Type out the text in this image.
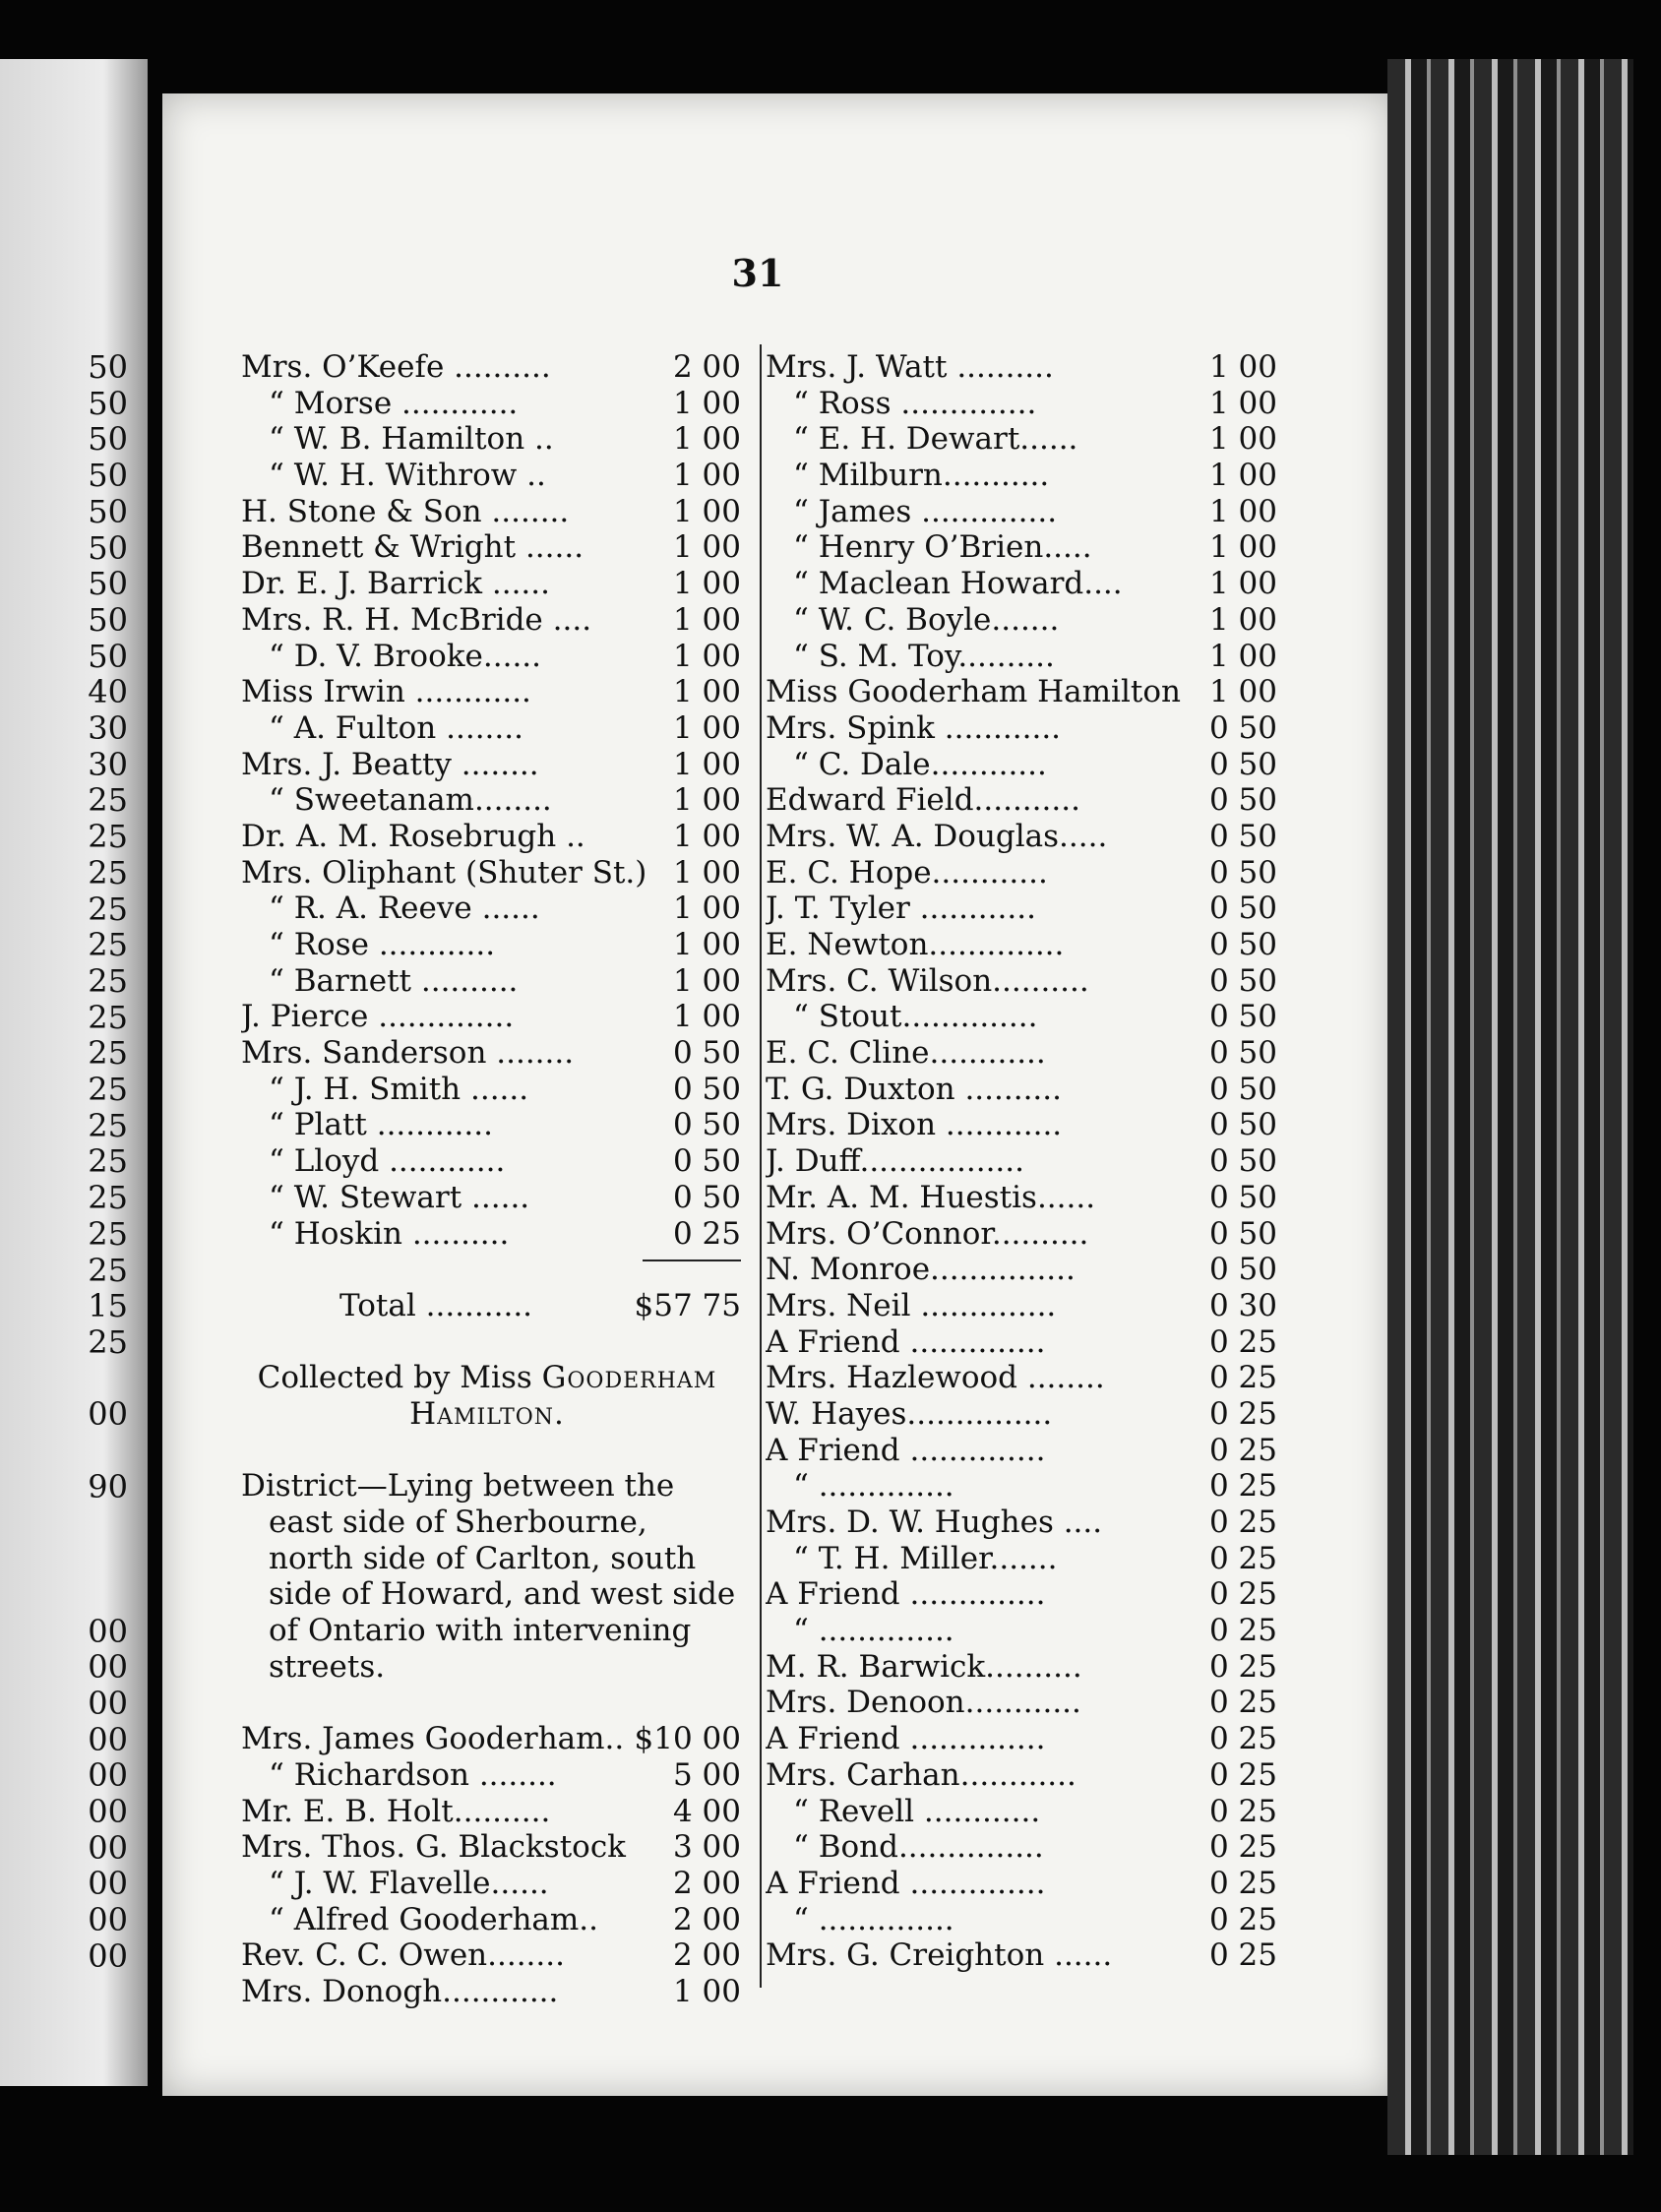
50
50
50
50
50
50
50
50
50
40
30
30
25
25
25
25
25
25
25
25
25
25
25
25
25
25
15
25
00
90
00
00
00
00
00
00
00
00
00
00
31
Mrs. O’Keefe ..........	2 00
“ Morse ............	1 00
“ W. B. Hamilton ..	1 00
“ W. H. Withrow ..	1 00
H. Stone & Son ........	1 00
Bennett & Wright ......	1 00
Dr. E. J. Barrick ......	1 00
Mrs. R. H. McBride ....	1 00
“ D. V. Brooke......	1 00
Miss Irwin ............	1 00
“ A. Fulton ........	1 00
Mrs. J. Beatty ........	1 00
“ Sweetanam........	1 00
Dr. A. M. Rosebrugh ..	1 00
Mrs. Oliphant (Shuter St.) 1 00
“ R. A. Reeve ......	1 00
“ Rose ............	1 00
“ Barnett ..........	1 00
J. Pierce ..............	1 00
Mrs. Sanderson ........	0 50
“ J. H. Smith ......	0 50
“ Platt ............	0 50
“ Lloyd ............	0 50
“ W. Stewart ......	0 50
“ Hoskin ..........	0 25
Total ...........	$57 75
Collected by Miss Gooderham
Hamilton.
District—Lying between the east side of Sherbourne, north side of Carlton, south side of Howard, and west side of Ontario with intervening streets.
Mrs. James Gooderham.. $10 00
“ Richardson ........	5 00
Mr. E. B. Holt..........	4 00
Mrs. Thos. G. Blackstock	3 00
“ J. W. Flavelle......	2 00
“ Alfred Gooderham..	2 00
Rev. C. C. Owen........	2 00
Mrs. Donogh............	1 00
Mrs. J. Watt ..........	1 00
“ Ross ..............	1 00
“ E. H. Dewart......	1 00
“ Milburn...........	1 00
“ James ..............	1 00
“ Henry O’Brien.....	1 00
“ Maclean Howard....	1 00
“ W. C. Boyle.......	1 00
“ S. M. Toy..........	1 00
Miss Gooderham Hamilton 1 00
Mrs. Spink ............	0 50
“ C. Dale............	0 50
Edward Field...........	0 50
Mrs. W. A. Douglas.....	0 50
E. C. Hope............	0 50
J. T. Tyler ............	0 50
E. Newton..............	0 50
Mrs. C. Wilson..........	0 50
“ Stout..............	0 50
E. C. Cline............	0 50
T. G. Duxton ..........	0 50
Mrs. Dixon ............	0 50
J. Duff.................	0 50
Mr. A. M. Huestis......	0 50
Mrs. O’Connor..........	0 50
N. Monroe...............	0 50
Mrs. Neil ..............	0 30
A Friend ..............	0 25
Mrs. Hazlewood ........	0 25
W. Hayes...............	0 25
A Friend ..............	0 25
“ ..............	0 25
Mrs. D. W. Hughes ....	0 25
“ T. H. Miller.......	0 25
A Friend ..............	0 25
“ ..............	0 25
M. R. Barwick..........	0 25
Mrs. Denoon............	0 25
A Friend ..............	0 25
Mrs. Carhan............	0 25
“ Revell ............	0 25
“ Bond...............	0 25
A Friend ..............	0 25
“ ..............	0 25
Mrs. G. Creighton ......	0 25
